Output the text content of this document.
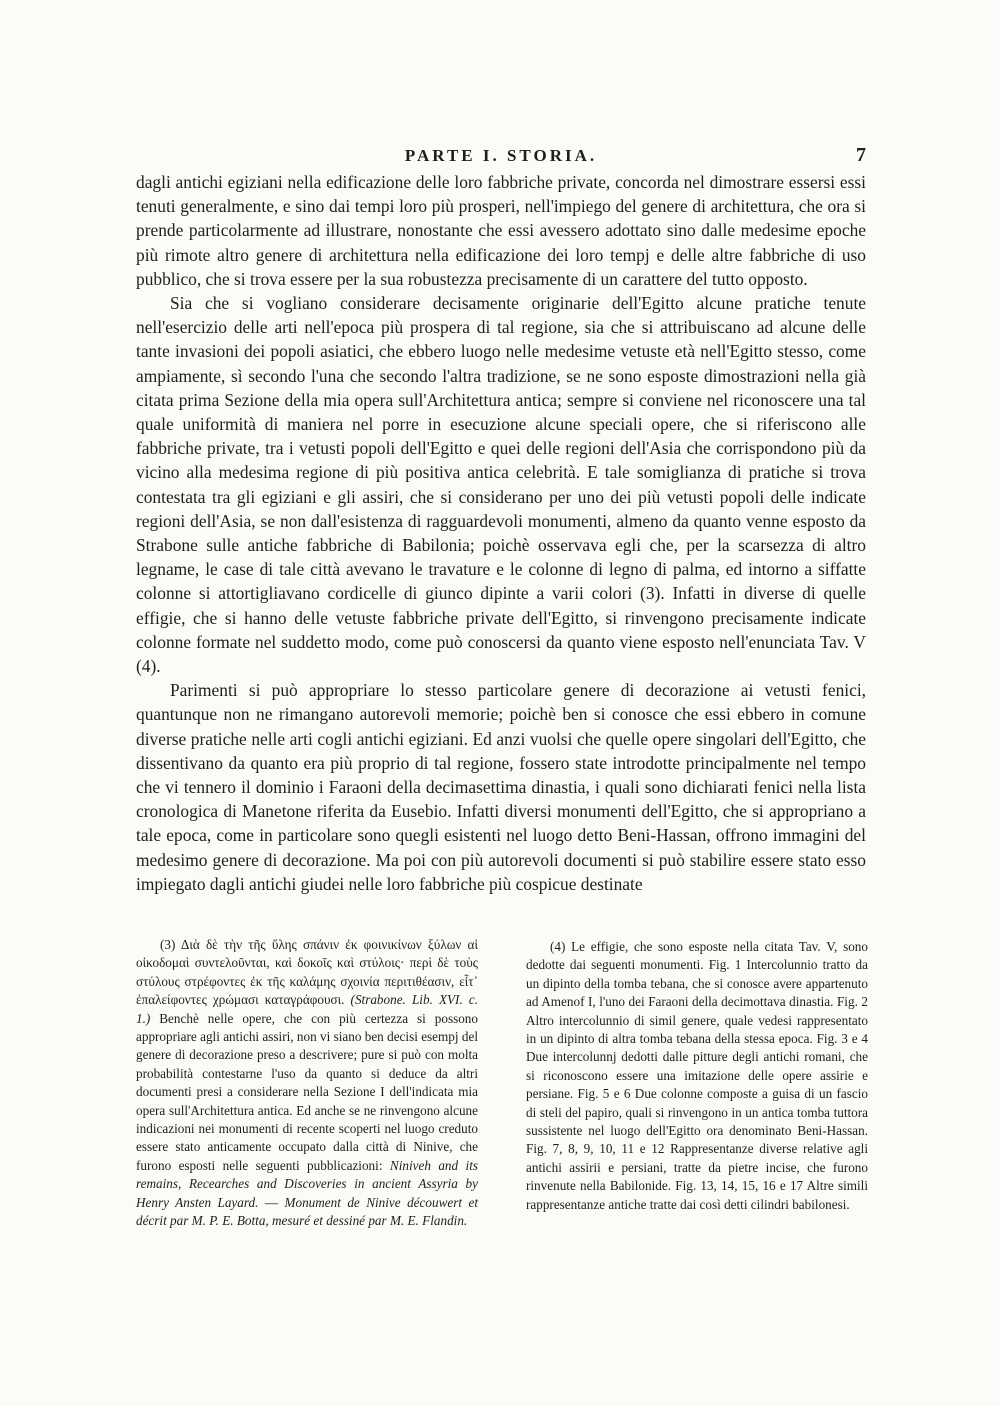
PARTE I. STORIA.	7

dagli antichi egiziani nella edificazione delle loro fabbriche private, concorda nel dimostrare essersi essi tenuti generalmente, e sino dai tempi loro più prosperi, nell'impiego del genere di architettura, che ora si prende particolarmente ad illustrare, nonostante che essi avessero adottato sino dalle medesime epoche più rimote altro genere di architettura nella edificazione dei loro tempj e delle altre fabbriche di uso pubblico, che si trova essere per la sua robustezza precisamente di un carattere del tutto opposto.

Sia che si vogliano considerare decisamente originarie dell'Egitto alcune pratiche tenute nell'esercizio delle arti nell'epoca più prospera di tal regione, sia che si attribuiscano ad alcune delle tante invasioni dei popoli asiatici, che ebbero luogo nelle medesime vetuste età nell'Egitto stesso, come ampiamente, sì secondo l'una che secondo l'altra tradizione, se ne sono esposte dimostrazioni nella già citata prima Sezione della mia opera sull'Architettura antica; sempre si conviene nel riconoscere una tal quale uniformità di maniera nel porre in esecuzione alcune speciali opere, che si riferiscono alle fabbriche private, tra i vetusti popoli dell'Egitto e quei delle regioni dell'Asia che corrispondono più da vicino alla medesima regione di più positiva antica celebrità. E tale somiglianza di pratiche si trova contestata tra gli egiziani e gli assiri, che si considerano per uno dei più vetusti popoli delle indicate regioni dell'Asia, se non dall'esistenza di ragguardevoli monumenti, almeno da quanto venne esposto da Strabone sulle antiche fabbriche di Babilonia; poichè osservava egli che, per la scarsezza di altro legname, le case di tale città avevano le travature e le colonne di legno di palma, ed intorno a siffatte colonne si attortigliavano cordicelle di giunco dipinte a varii colori (3). Infatti in diverse di quelle effigie, che si hanno delle vetuste fabbriche private dell'Egitto, si rinvengono precisamente indicate colonne formate nel suddetto modo, come può conoscersi da quanto viene esposto nell'enunciata Tav. V (4).

Parimenti si può appropriare lo stesso particolare genere di decorazione ai vetusti fenici, quantunque non ne rimangano autorevoli memorie; poichè ben si conosce che essi ebbero in comune diverse pratiche nelle arti cogli antichi egiziani. Ed anzi vuolsi che quelle opere singolari dell'Egitto, che dissentivano da quanto era più proprio di tal regione, fossero state introdotte principalmente nel tempo che vi tennero il dominio i Faraoni della decimasettima dinastia, i quali sono dichiarati fenici nella lista cronologica di Manetone riferita da Eusebio. Infatti diversi monumenti dell'Egitto, che si appropriano a tale epoca, come in particolare sono quegli esistenti nel luogo detto Beni-Hassan, offrono immagini del medesimo genere di decorazione. Ma poi con più autorevoli documenti si può stabilire essere stato esso impiegato dagli antichi giudei nelle loro fabbriche più cospicue destinate

(3) Διὰ δὲ τὴν τῆς ὕλης σπάνιν ἐκ φοινικίνων ξύλων αἱ οἰκοδομαὶ συντελοῦνται, καὶ δοκοῖς καὶ στύλοις· περὶ δὲ τοὺς στύλους στρέφοντες ἐκ τῆς καλάμης σχοινία περιτιθέασιν, εἶτ᾽ ἐπαλείφοντες χρώμασι καταγράφουσι. (Strabone. Lib. XVI. c. 1.) Benchè nelle opere, che con più certezza si possono appropriare agli antichi assiri, non vi siano ben decisi esempj del genere di decorazione preso a descrivere; pure si può con molta probabilità contestarne l'uso da quanto si deduce da altri documenti presi a considerare nella Sezione I dell'indicata mia opera sull'Architettura antica. Ed anche se ne rinvengono alcune indicazioni nei monumenti di recente scoperti nel luogo creduto essere stato anticamente occupato dalla città di Ninive, che furono esposti nelle seguenti pubblicazioni: Niniveh and its remains, Recearches and Discoveries in ancient Assyria by Henry Ansten Layard. — Monument de Ninive découwert et décrit par M. P. E. Botta, mesuré et dessiné par M. E. Flandin.

(4) Le effigie, che sono esposte nella citata Tav. V, sono dedotte dai seguenti monumenti. Fig. 1 Intercolunnio tratto da un dipinto della tomba tebana, che si conosce avere appartenuto ad Amenof I, l'uno dei Faraoni della decimottava dinastia. Fig. 2 Altro intercolunnio di simil genere, quale vedesi rappresentato in un dipinto di altra tomba tebana della stessa epoca. Fig. 3 e 4 Due intercolunnj dedotti dalle pitture degli antichi romani, che si riconoscono essere una imitazione delle opere assirie e persiane. Fig. 5 e 6 Due colonne composte a guisa di un fascio di steli del papiro, quali si rinvengono in un antica tomba tuttora sussistente nel luogo dell'Egitto ora denominato Beni-Hassan. Fig. 7, 8, 9, 10, 11 e 12 Rappresentanze diverse relative agli antichi assirii e persiani, tratte da pietre incise, che furono rinvenute nella Babilonide. Fig. 13, 14, 15, 16 e 17 Altre simili rappresentanze antiche tratte dai così detti cilindri babilonesi.
